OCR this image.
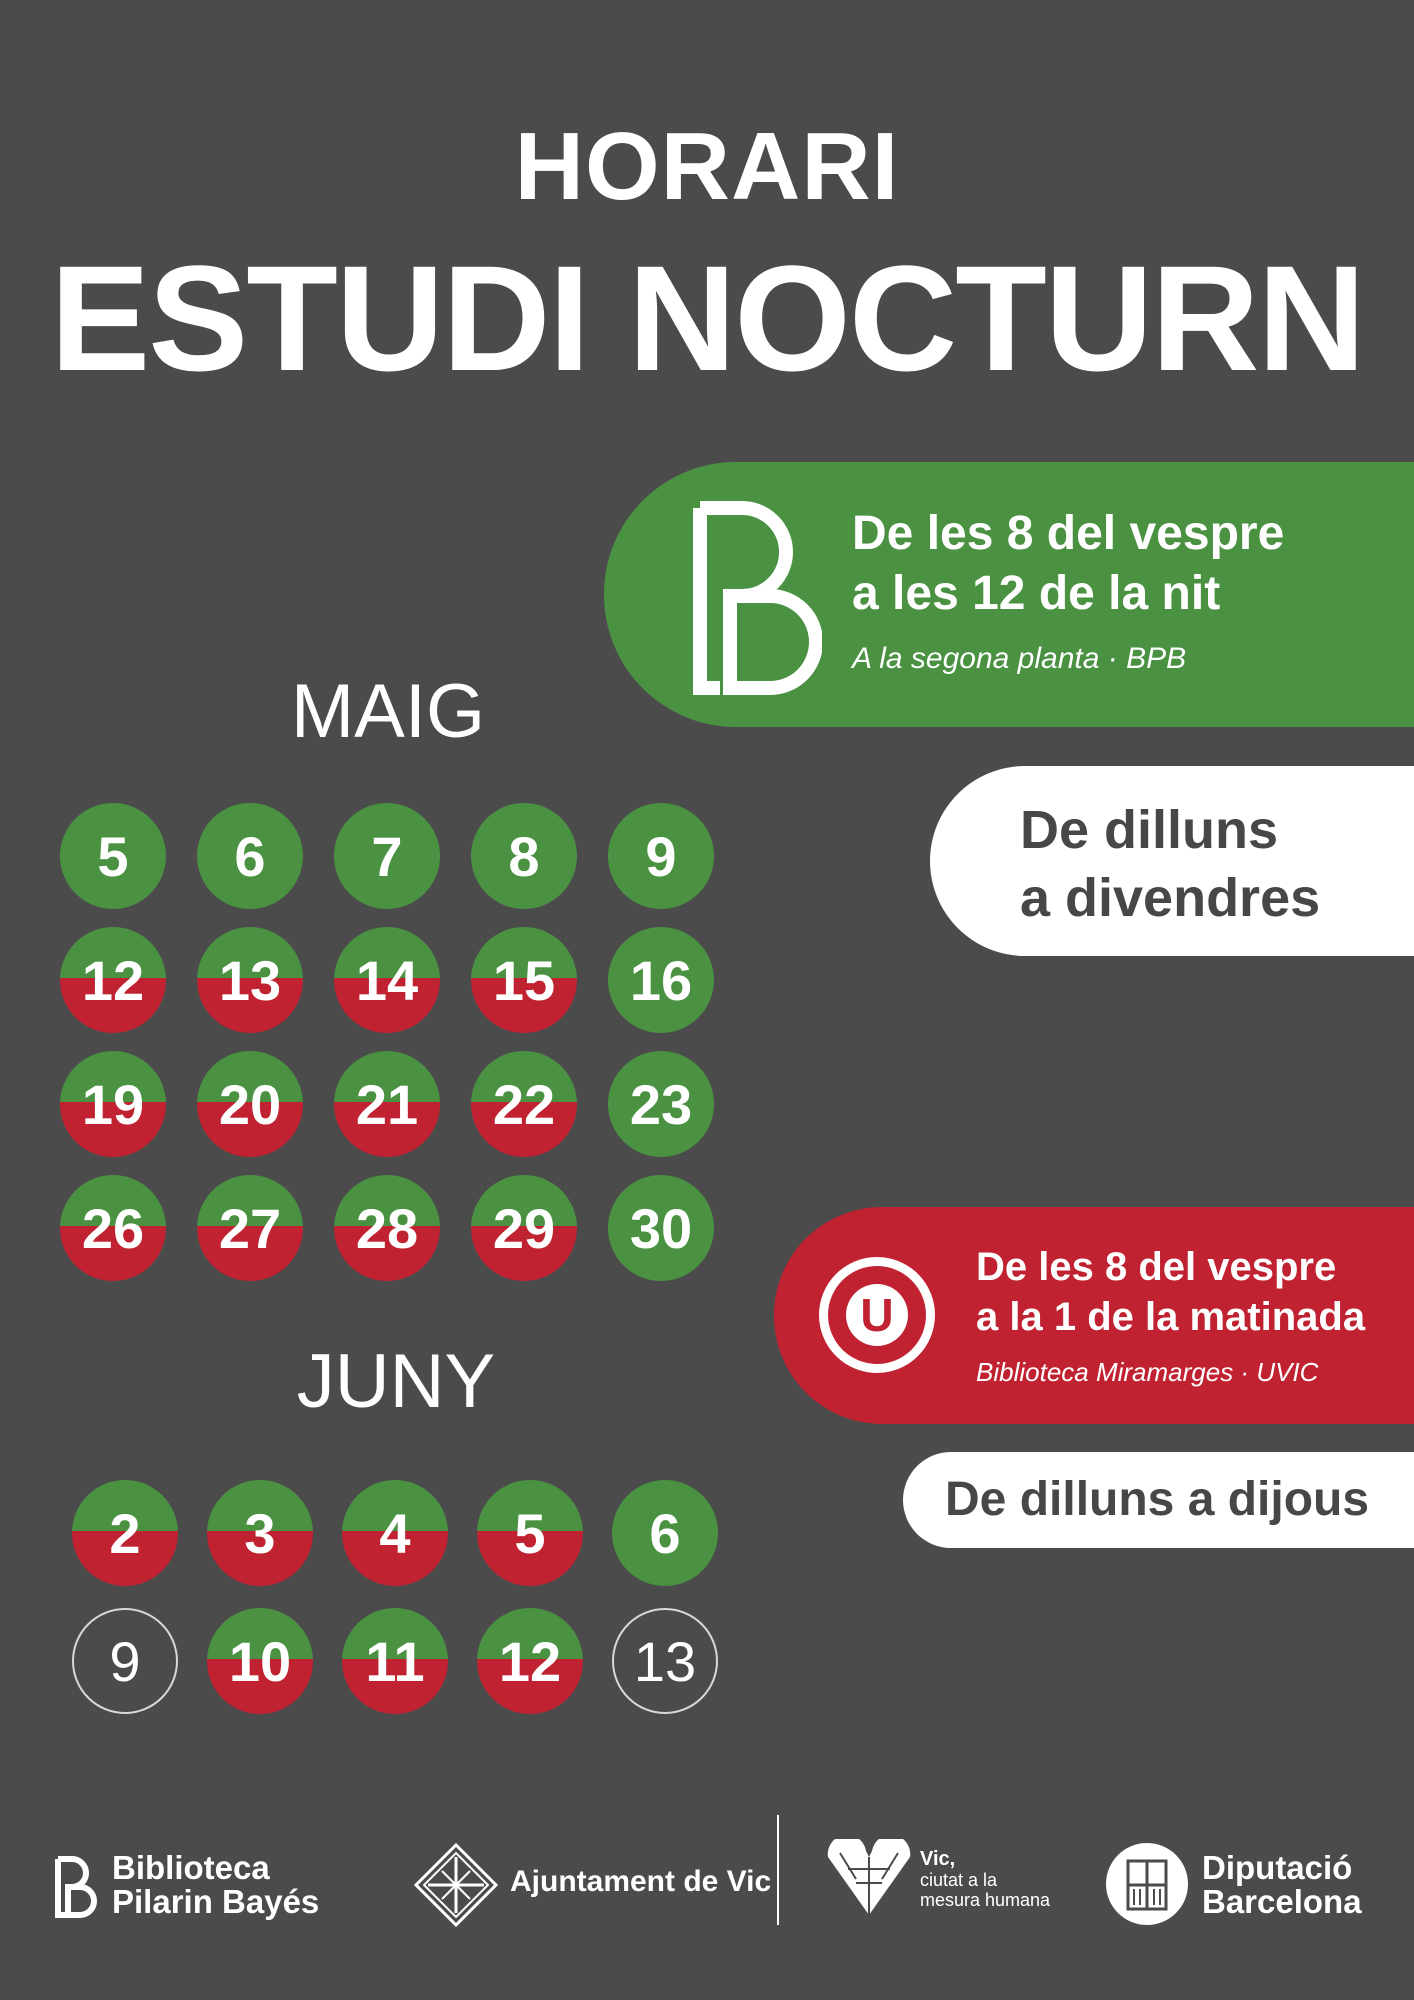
HORARI
ESTUDI NOCTURN
De les 8 del vespre
a les 12 de la nit
A la segona planta · BPB
De dilluns
a divendres
U
De les 8 del vespre
a la 1 de la matinada
Biblioteca Miramarges · UVIC
De dilluns a dijous
MAIG
JUNY
5	6	7	8	9
12	13	14	15	16
19	20	21	22	23
26	27	28	29	30
2	3	4	5	6
9	10	11	12	13
Biblioteca
Pilarin Bayés
Ajuntament de Vic
Vic,
ciutat a la
mesura humana
Diputació
Barcelona
